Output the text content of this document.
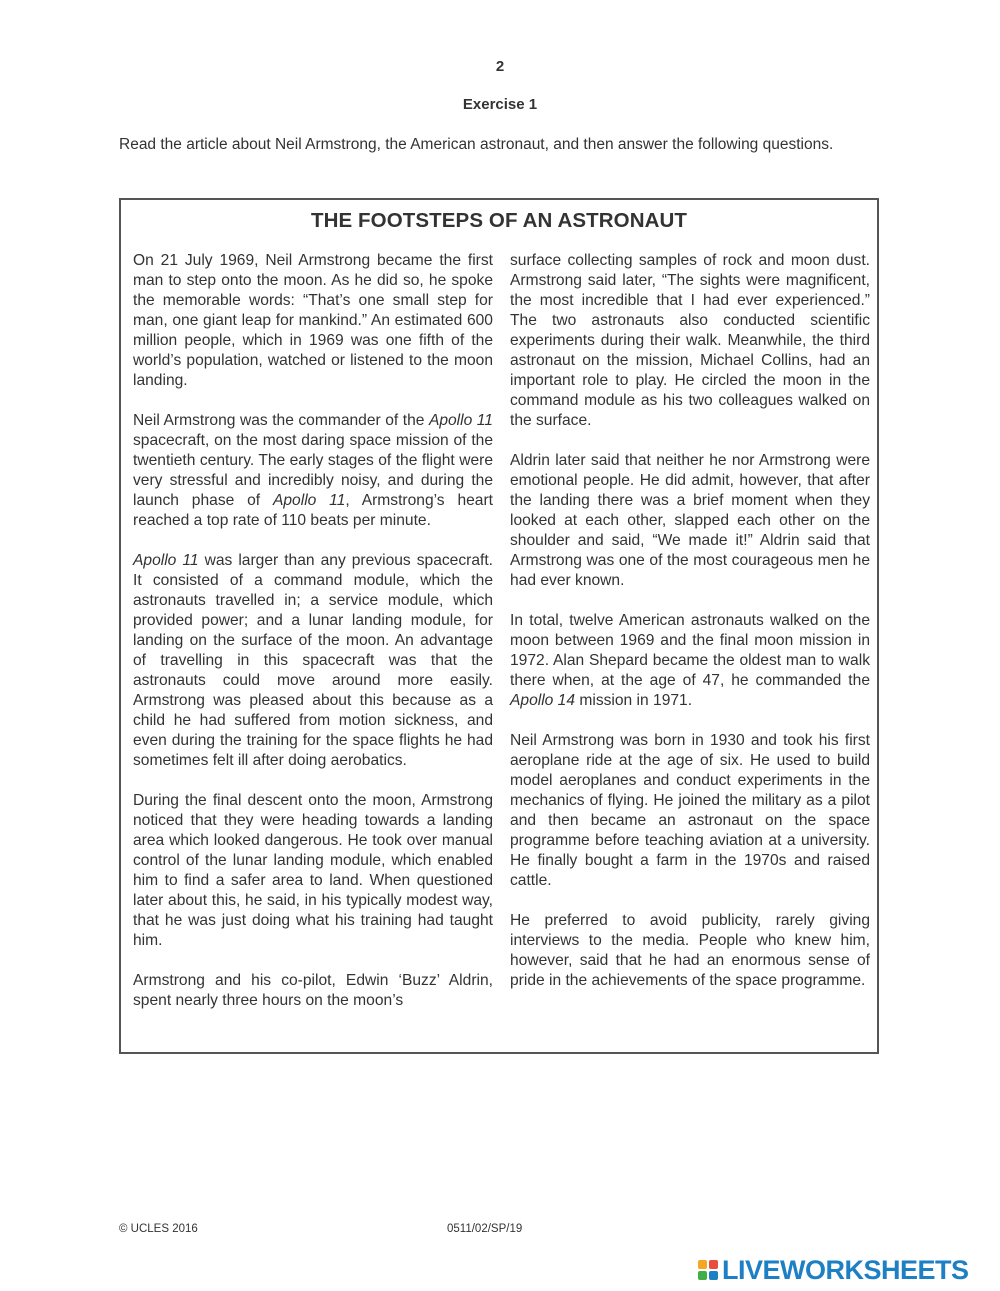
2
Exercise 1
Read the article about Neil Armstrong, the American astronaut, and then answer the following questions.
THE FOOTSTEPS OF AN ASTRONAUT

On 21 July 1969, Neil Armstrong became the first man to step onto the moon. As he did so, he spoke the memorable words: “That’s one small step for man, one giant leap for mankind.” An estimated 600 million people, which in 1969 was one fifth of the world’s population, watched or listened to the moon landing.

Neil Armstrong was the commander of the Apollo 11 spacecraft, on the most daring space mission of the twentieth century. The early stages of the flight were very stressful and incredibly noisy, and during the launch phase of Apollo 11, Armstrong’s heart reached a top rate of 110 beats per minute.

Apollo 11 was larger than any previous spacecraft. It consisted of a command module, which the astronauts travelled in; a service module, which provided power; and a lunar landing module, for landing on the surface of the moon. An advantage of travelling in this spacecraft was that the astronauts could move around more easily. Armstrong was pleased about this because as a child he had suffered from motion sickness, and even during the training for the space flights he had sometimes felt ill after doing aerobatics.

During the final descent onto the moon, Armstrong noticed that they were heading towards a landing area which looked dangerous. He took over manual control of the lunar landing module, which enabled him to find a safer area to land. When questioned later about this, he said, in his typically modest way, that he was just doing what his training had taught him.

Armstrong and his co-pilot, Edwin ‘Buzz’ Aldrin, spent nearly three hours on the moon’s

surface collecting samples of rock and moon dust. Armstrong said later, “The sights were magnificent, the most incredible that I had ever experienced.” The two astronauts also conducted scientific experiments during their walk. Meanwhile, the third astronaut on the mission, Michael Collins, had an important role to play. He circled the moon in the command module as his two colleagues walked on the surface.

Aldrin later said that neither he nor Armstrong were emotional people. He did admit, however, that after the landing there was a brief moment when they looked at each other, slapped each other on the shoulder and said, “We made it!” Aldrin said that Armstrong was one of the most courageous men he had ever known.

In total, twelve American astronauts walked on the moon between 1969 and the final moon mission in 1972. Alan Shepard became the oldest man to walk there when, at the age of 47, he commanded the Apollo 14 mission in 1971.

Neil Armstrong was born in 1930 and took his first aeroplane ride at the age of six. He used to build model aeroplanes and conduct experiments in the mechanics of flying. He joined the military as a pilot and then became an astronaut on the space programme before teaching aviation at a university. He finally bought a farm in the 1970s and raised cattle.

He preferred to avoid publicity, rarely giving interviews to the media. People who knew him, however, said that he had an enormous sense of pride in the achievements of the space programme.

© UCLES 2016	0511/02/SP/19
LIVEWORKSHEETS
